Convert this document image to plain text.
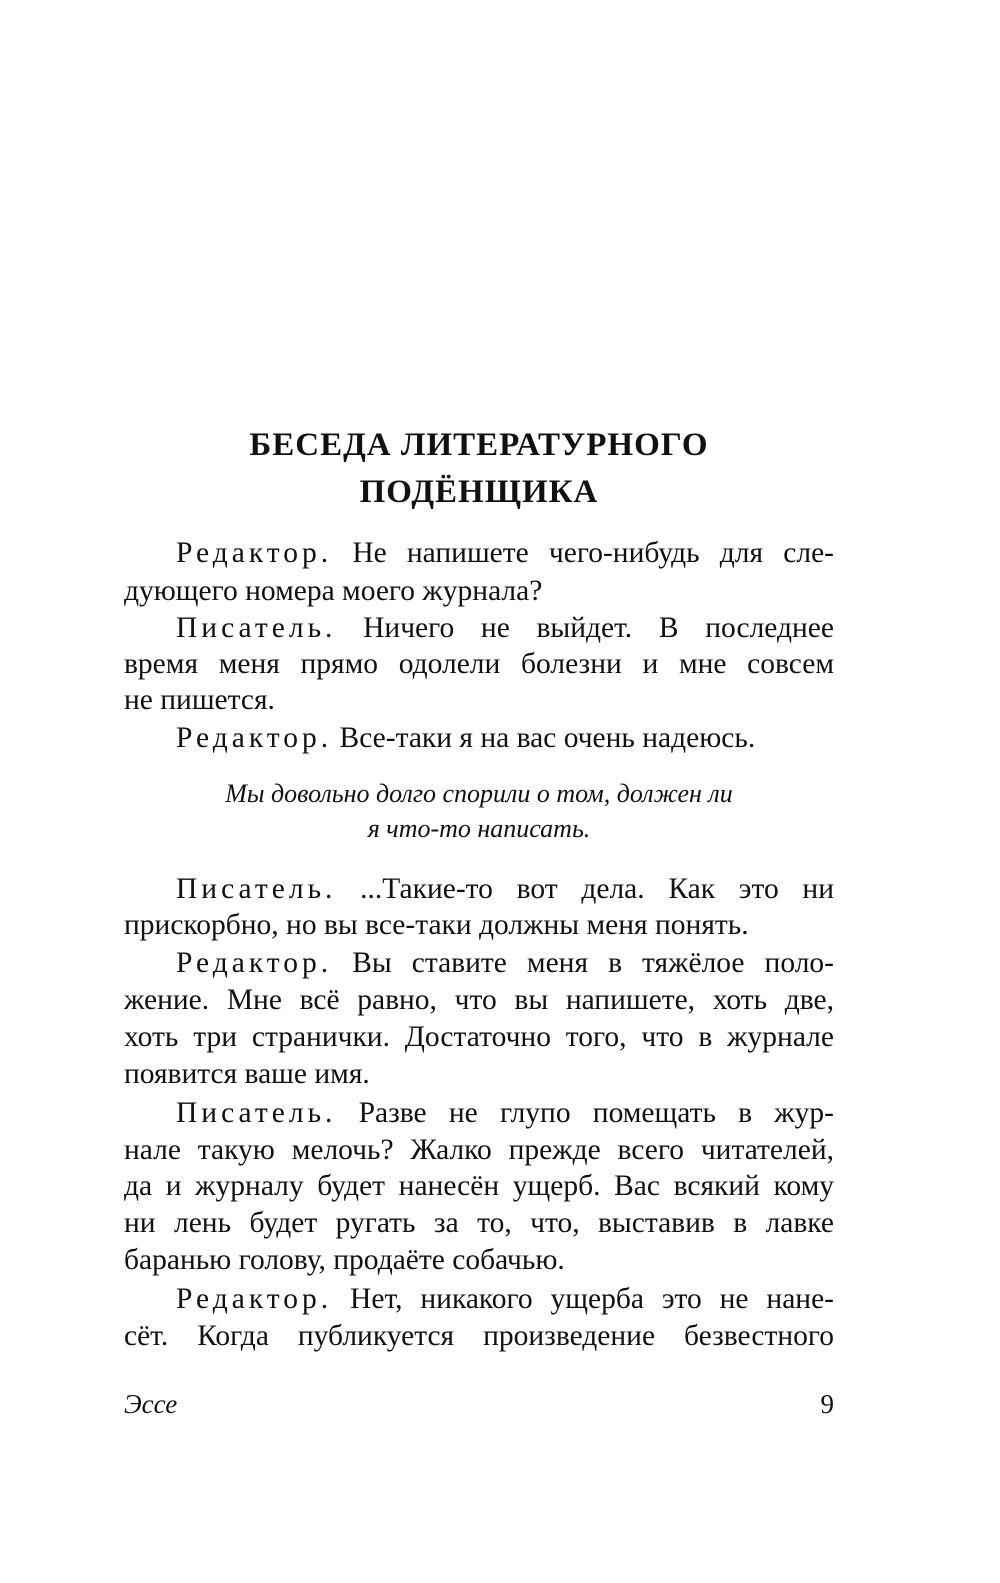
БЕСЕДА ЛИТЕРАТУРНОГО
ПОДЁНЩИКА
Редактор. Не напишете чего-нибудь для сле-
дующего номера моего журнала?
Писатель. Ничего не выйдет. В последнее
время меня прямо одолели болезни и мне совсем
не пишется.
Редактор. Все-таки я на вас очень надеюсь.
Мы довольно долго спорили о том, должен ли
я что-то написать.
Писатель. ...Такие-то вот дела. Как это ни
прискорбно, но вы все-таки должны меня понять.
Редактор. Вы ставите меня в тяжёлое поло-
жение. Мне всё равно, что вы напишете, хоть две,
хоть три странички. Достаточно того, что в журнале
появится ваше имя.
Писатель. Разве не глупо помещать в жур-
нале такую мелочь? Жалко прежде всего читателей,
да и журналу будет нанесён ущерб. Вас всякий кому
ни лень будет ругать за то, что, выставив в лавке
баранью голову, продаёте собачью.
Редактор. Нет, никакого ущерба это не нане-
сёт. Когда публикуется произведение безвестного
Эссе	9
